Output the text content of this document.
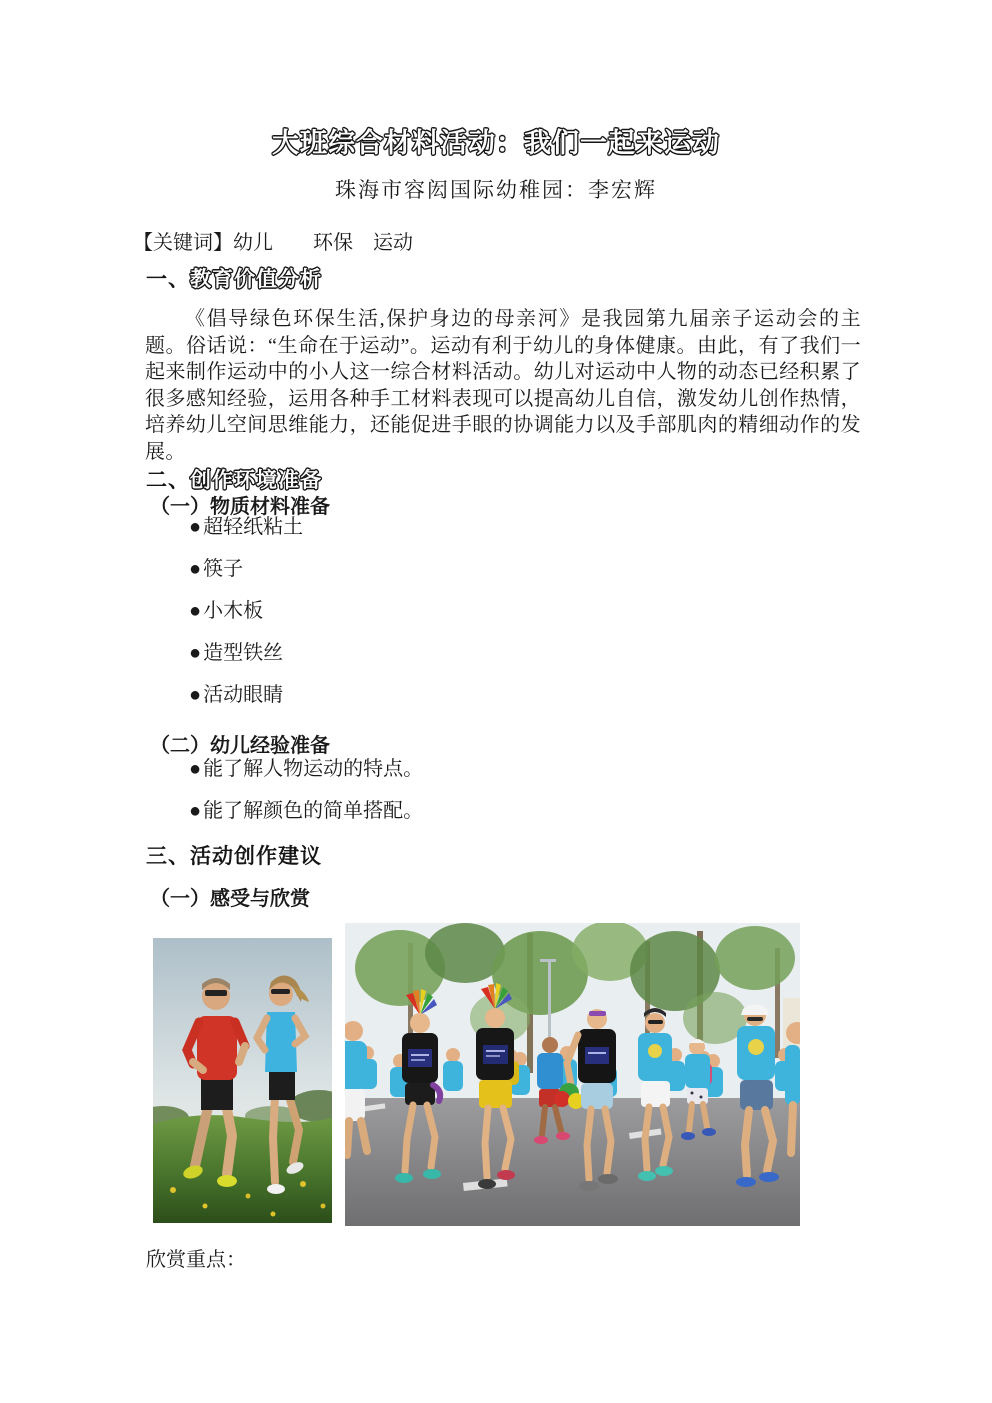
大班综合材料活动：我们一起来运动
珠海市容闳国际幼稚园：李宏辉
【关键词】幼儿　　环保　运动
一、教育价值分析
《倡导绿色环保生活,保护身边的母亲河》是我园第九届亲子运动会的主题。俗话说：“生命在于运动”。运动有利于幼儿的身体健康。由此，有了我们一起来制作运动中的小人这一综合材料活动。幼儿对运动中人物的动态已经积累了很多感知经验，运用各种手工材料表现可以提高幼儿自信，激发幼儿创作热情，培养幼儿空间思维能力，还能促进手眼的协调能力以及手部肌肉的精细动作的发展。
二、创作环境准备
（一）物质材料准备
● 超轻纸粘土
● 筷子
● 小木板
● 造型铁丝
● 活动眼睛
（二）幼儿经验准备
● 能了解人物运动的特点。
● 能了解颜色的简单搭配。
三、活动创作建议
（一）感受与欣赏
欣赏重点：
